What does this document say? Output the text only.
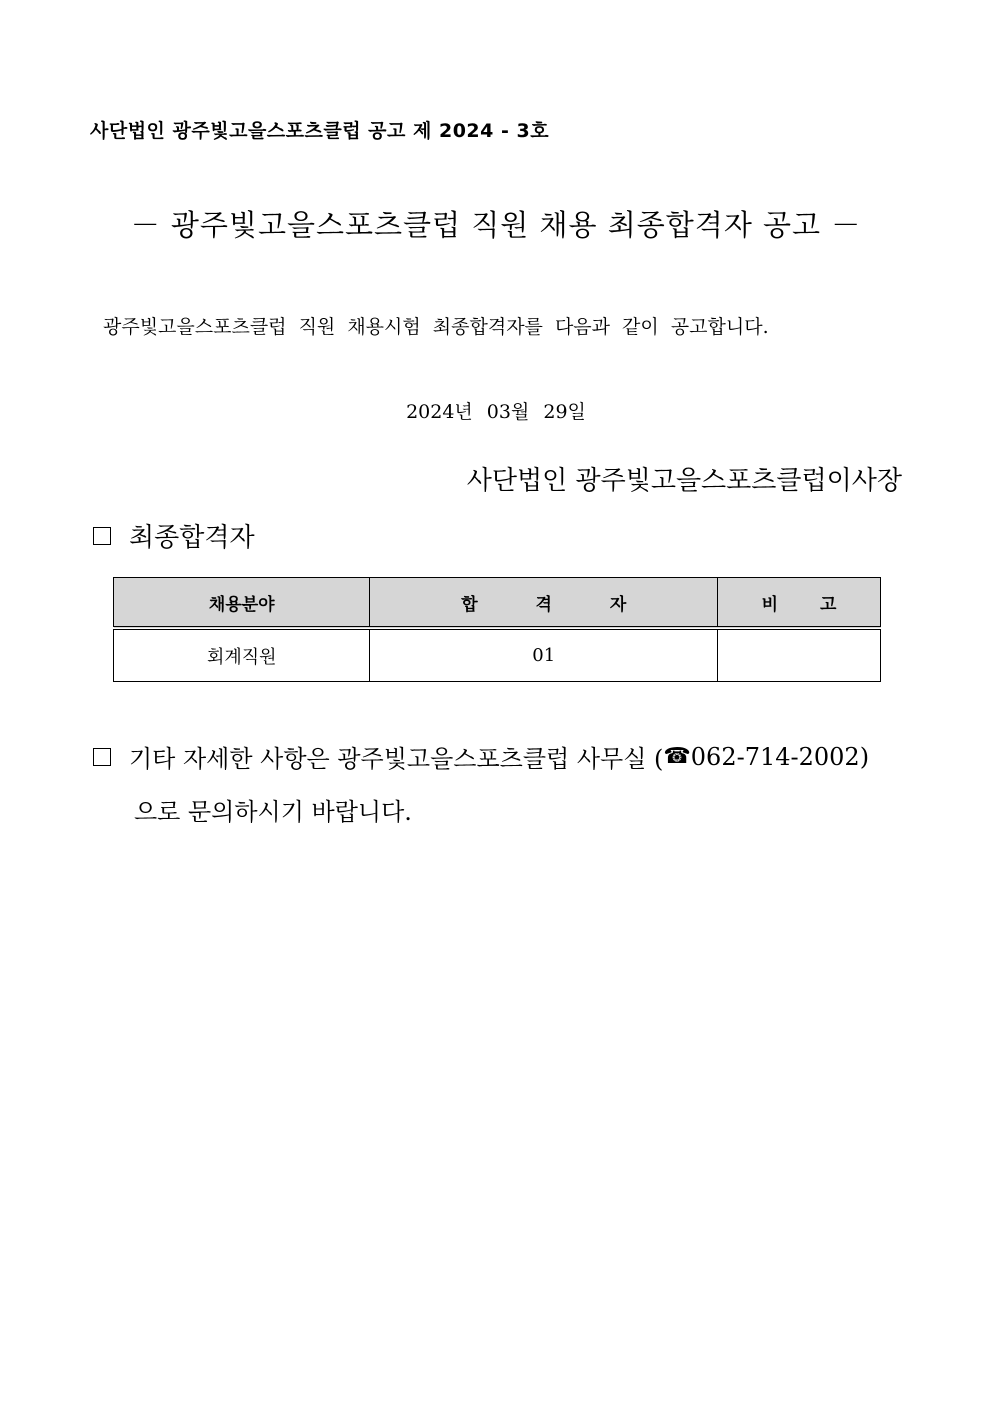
사단법인 광주빛고을스포츠클럽 공고 제 2024 - 3호
－ 광주빛고을스포츠클럽 직원 채용 최종합격자 공고 －
광주빛고을스포츠클럽 직원 채용시험 최종합격자를 다음과 같이 공고합니다.
2024년 03월 29일
사단법인 광주빛고을스포츠클럽이사장
최종합격자
채용분야	합 격 자	비 고
회계직원	01	
기타 자세한 사항은 광주빛고을스포츠클럽 사무실 ( ☎ 062-714-2002)
으로 문의하시기 바랍니다.
